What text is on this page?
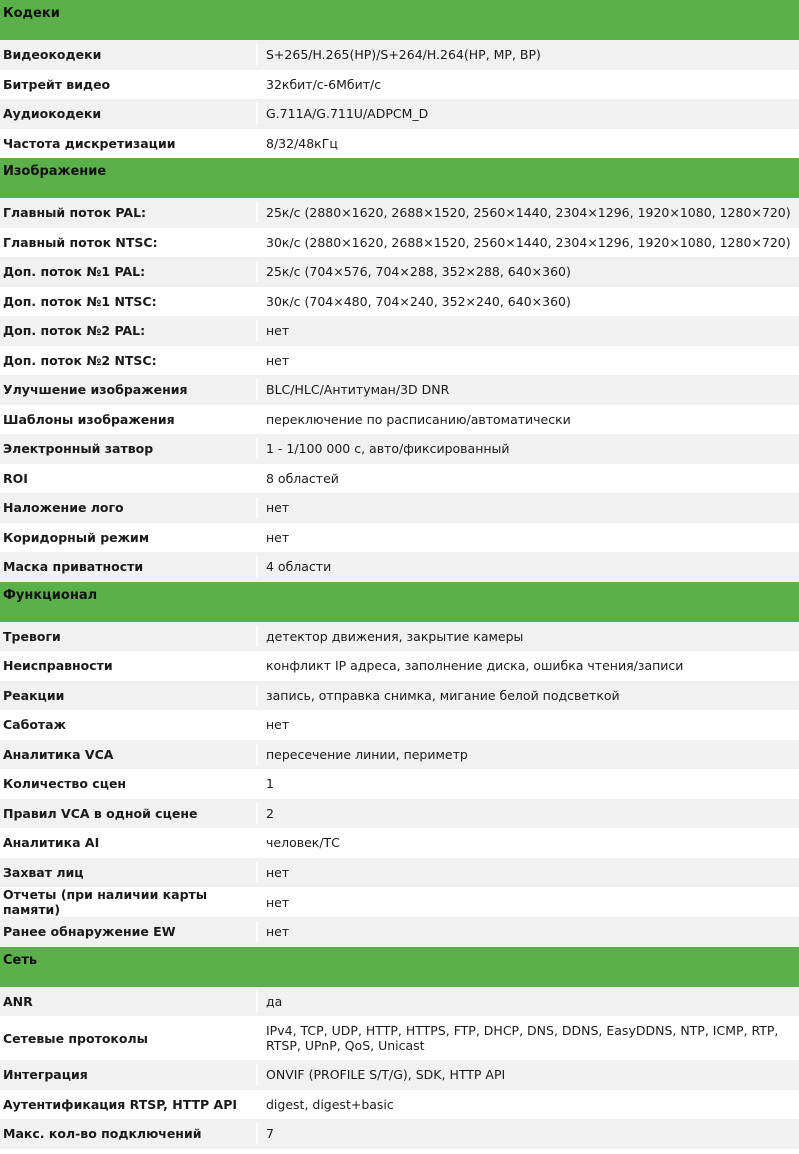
Кодеки
Видеокодеки	S+265/H.265(HP)/S+264/H.264(HP, MP, BP)
Битрейт видео	32кбит/с-6Мбит/с
Аудиокодеки	G.711A/G.711U/ADPCM_D
Частота дискретизации	8/32/48кГц
Изображение
Главный поток PAL:	25к/с (2880×1620, 2688×1520, 2560×1440, 2304×1296, 1920×1080, 1280×720)
Главный поток NTSC:	30к/с (2880×1620, 2688×1520, 2560×1440, 2304×1296, 1920×1080, 1280×720)
Доп. поток №1 PAL:	25к/с (704×576, 704×288, 352×288, 640×360)
Доп. поток №1 NTSC:	30к/с (704×480, 704×240, 352×240, 640×360)
Доп. поток №2 PAL:	нет
Доп. поток №2 NTSC:	нет
Улучшение изображения	BLC/HLC/Антитуман/3D DNR
Шаблоны изображения	переключение по расписанию/автоматически
Электронный затвор	1 - 1/100 000 с, авто/фиксированный
ROI	8 областей
Наложение лого	нет
Коридорный режим	нет
Маска приватности	4 области
Функционал
Тревоги	детектор движения, закрытие камеры
Неисправности	конфликт IP адреса, заполнение диска, ошибка чтения/записи
Реакции	запись, отправка снимка, мигание белой подсветкой
Саботаж	нет
Аналитика VCA	пересечение линии, периметр
Количество сцен	1
Правил VCA в одной сцене	2
Аналитика AI	человек/ТС
Захват лиц	нет
Отчеты (при наличии карты памяти)	нет
Ранее обнаружение EW	нет
Сеть
ANR	да
Сетевые протоколы	IPv4, TCP, UDP, HTTP, HTTPS, FTP, DHCP, DNS, DDNS, EasyDDNS, NTP, ICMP, RTP, RTSP, UPnP, QoS, Unicast
Интеграция	ONVIF (PROFILE S/T/G), SDK, HTTP API
Аутентификация RTSP, HTTP API	digest, digest+basic
Макс. кол-во подключений	7
